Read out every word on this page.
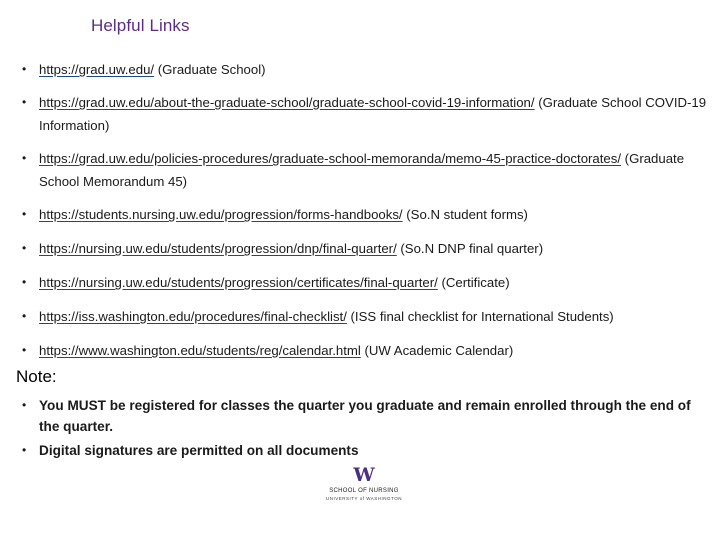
Helpful Links
• https://grad.uw.edu/ (Graduate School)
• https://grad.uw.edu/about-the-graduate-school/graduate-school-covid-19-information/ (Graduate School COVID-19 Information)
• https://grad.uw.edu/policies-procedures/graduate-school-memoranda/memo-45-practice-doctorates/ (Graduate School Memorandum 45)
• https://students.nursing.uw.edu/progression/forms-handbooks/ (So.N student forms)
• https://nursing.uw.edu/students/progression/dnp/final-quarter/ (So.N DNP final quarter)
• https://nursing.uw.edu/students/progression/certificates/final-quarter/ (Certificate)
• https://iss.washington.edu/procedures/final-checklist/ (ISS final checklist for International Students)
• https://www.washington.edu/students/reg/calendar.html (UW Academic Calendar)
Note:
• You MUST be registered for classes the quarter you graduate and remain enrolled through the end of the quarter.
• Digital signatures are permitted on all documents
W
SCHOOL OF NURSING
UNIVERSITY of WASHINGTON
